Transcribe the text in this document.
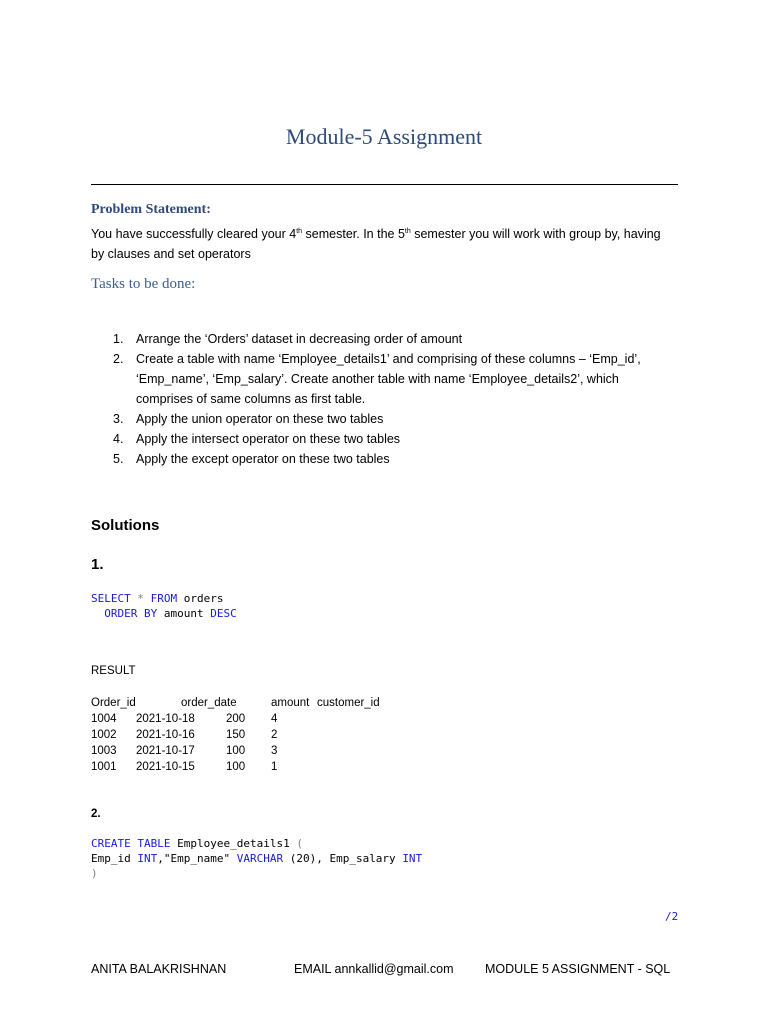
Module-5 Assignment
Problem Statement:
You have successfully cleared your 4th semester. In the 5th semester you will work with group by, having
by clauses and set operators
Tasks to be done:
1. Arrange the ‘Orders’ dataset in decreasing order of amount
2. Create a table with name ‘Employee_details1’ and comprising of these columns – ‘Emp_id’, ‘Emp_name’, ‘Emp_salary’. Create another table with name ‘Employee_details2’, which comprises of same columns as first table.
3. Apply the union operator on these two tables
4. Apply the intersect operator on these two tables
5. Apply the except operator on these two tables
Solutions
1.
SELECT * FROM orders
ORDER BY amount DESC
RESULT
Order_id	order_date	amount customer_id
1004 2021-10-18	200 4
1002 2021-10-16	150 2
1003 2021-10-17	100 3
1001 2021-10-15	100 1
2.
CREATE TABLE Employee_details1 (
Emp_id INT,"Emp_name" VARCHAR (20), Emp_salary INT
)
/2
ANITA BALAKRISHNAN	EMAIL annkallid@gmail.com	MODULE 5 ASSIGNMENT - SQL
